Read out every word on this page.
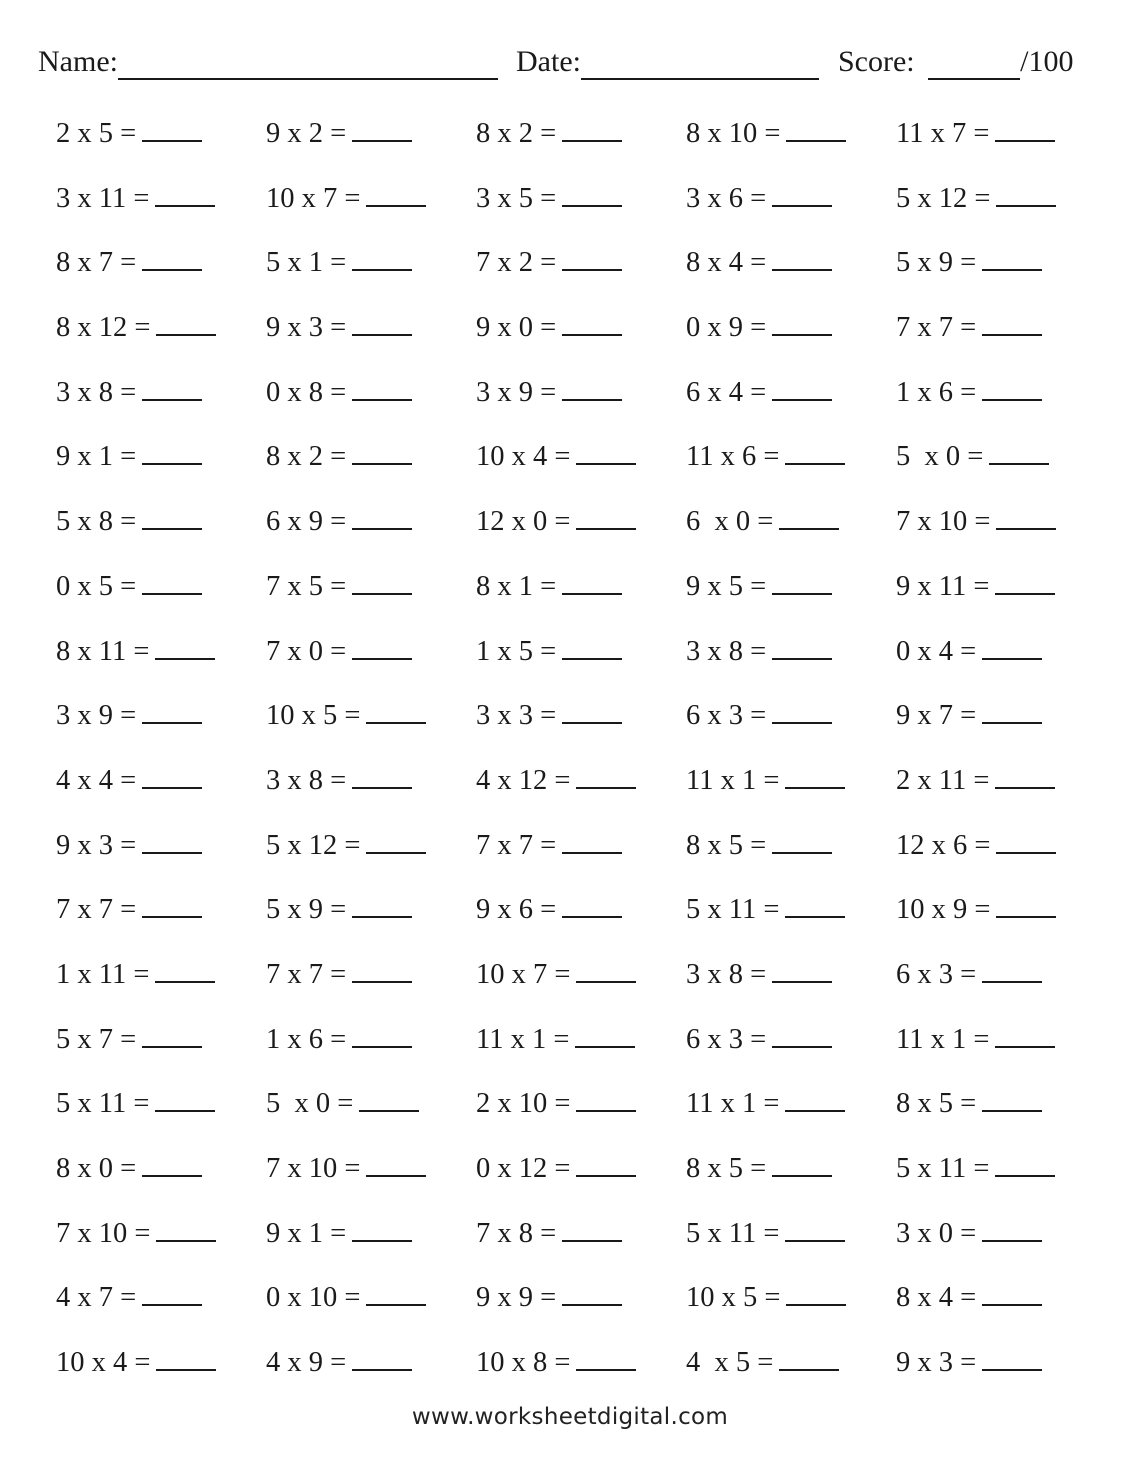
Name:	Date:	Score:	/100
2 x 5 =	9 x 2 =	8 x 2 =	8 x 10 =	11 x 7 =
3 x 11 =	10 x 7 =	3 x 5 =	3 x 6 =	5 x 12 =
8 x 7 =	5 x 1 =	7 x 2 =	8 x 4 =	5 x 9 =
8 x 12 =	9 x 3 =	9 x 0 =	0 x 9 =	7 x 7 =
3 x 8 =	0 x 8 =	3 x 9 =	6 x 4 =	1 x 6 =
9 x 1 =	8 x 2 =	10 x 4 =	11 x 6 =	5  x 0 =
5 x 8 =	6 x 9 =	12 x 0 =	6  x 0 =	7 x 10 =
0 x 5 =	7 x 5 =	8 x 1 =	9 x 5 =	9 x 11 =
8 x 11 =	7 x 0 =	1 x 5 =	3 x 8 =	0 x 4 =
3 x 9 =	10 x 5 =	3 x 3 =	6 x 3 =	9 x 7 =
4 x 4 =	3 x 8 =	4 x 12 =	11 x 1 =	2 x 11 =
9 x 3 =	5 x 12 =	7 x 7 =	8 x 5 =	12 x 6 =
7 x 7 =	5 x 9 =	9 x 6 =	5 x 11 =	10 x 9 =
1 x 11 =	7 x 7 =	10 x 7 =	3 x 8 =	6 x 3 =
5 x 7 =	1 x 6 =	11 x 1 =	6 x 3 =	11 x 1 =
5 x 11 =	5  x 0 =	2 x 10 =	11 x 1 =	8 x 5 =
8 x 0 =	7 x 10 =	0 x 12 =	8 x 5 =	5 x 11 =
7 x 10 =	9 x 1 =	7 x 8 =	5 x 11 =	3 x 0 =
4 x 7 =	0 x 10 =	9 x 9 =	10 x 5 =	8 x 4 =
10 x 4 =	4 x 9 =	10 x 8 =	4  x 5 =	9 x 3 =
www.worksheetdigital.com
